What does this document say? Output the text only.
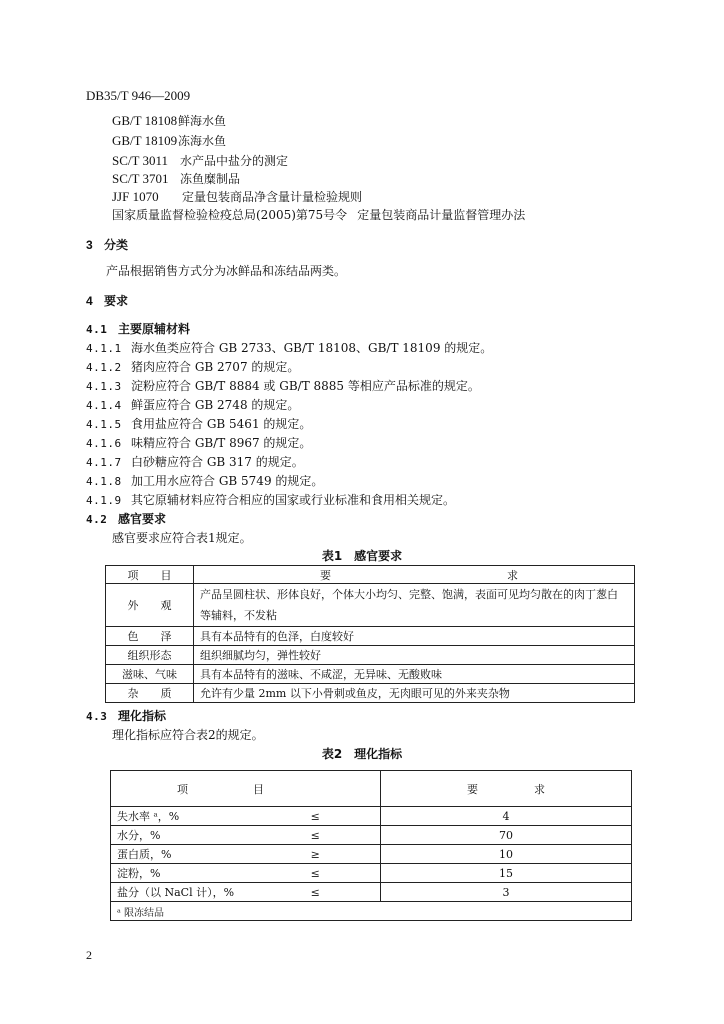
DB35/T 946—2009
GB/T 18108鲜海水鱼
GB/T 18109冻海水鱼
SC/T 3011 水产品中盐分的测定
SC/T 3701 冻鱼糜制品
JJF 1070 定量包装商品净含量计量检验规则
国家质量监督检验检疫总局(2005)第75号令 定量包装商品计量监督管理办法
3 分类
产品根据销售方式分为冰鲜品和冻结品两类。
4 要求
4.1 主要原辅材料
4.1.1 海水鱼类应符合 GB 2733、GB/T 18108、GB/T 18109 的规定。
4.1.2 猪肉应符合 GB 2707 的规定。
4.1.3 淀粉应符合 GB/T 8884 或 GB/T 8885 等相应产品标准的规定。
4.1.4 鲜蛋应符合 GB 2748 的规定。
4.1.5 食用盐应符合 GB 5461 的规定。
4.1.6 味精应符合 GB/T 8967 的规定。
4.1.7 白砂糖应符合 GB 317 的规定。
4.1.8 加工用水应符合 GB 5749 的规定。
4.1.9 其它原辅材料应符合相应的国家或行业标准和食用相关规定。
4.2 感官要求
感官要求应符合表1规定。
表1　感官要求
项　　目	要 求

外　　观	产品呈圆柱状、形体良好，个体大小均匀、完整、饱满，表面可见均匀散在的肉丁葱白等辅料，不发粘
色　　泽	具有本品特有的色泽，白度较好
组织形态	组织细腻均匀，弹性较好
滋味、气味	具有本品特有的滋味、不咸涩，无异味、无酸败味
杂　　质	允许有少量 2mm 以下小骨刺或鱼皮，无肉眼可见的外来夹杂物
4.3 理化指标
理化指标应符合表2的规定。
表2　理化指标
项 目		要 求

失水率 ᵃ，%	≤	4
水分，%	≤	70
蛋白质，%	≥	10
淀粉，%	≤	15
盐分（以 NaCl 计），%	≤	3
ᵃ 限冻结品		
2
